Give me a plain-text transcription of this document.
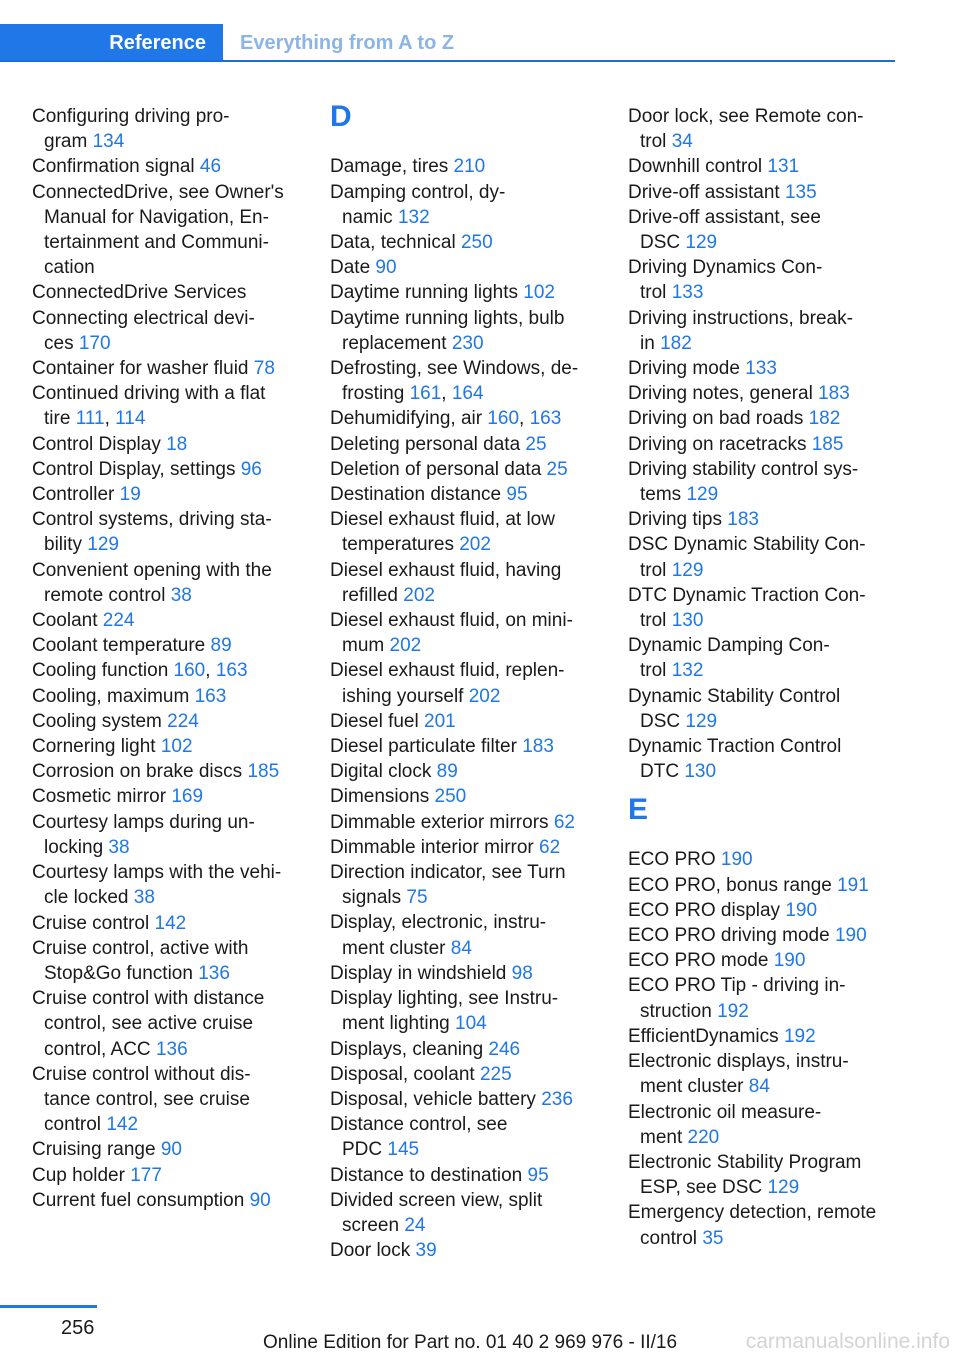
Reference	Everything from A to Z
Configuring driving pro-
gram 134
Confirmation signal 46
ConnectedDrive, see Owner's
Manual for Navigation, En-
tertainment and Communi-
cation
ConnectedDrive Services
Connecting electrical devi-
ces 170
Container for washer fluid 78
Continued driving with a flat
tire 111, 114
Control Display 18
Control Display, settings 96
Controller 19
Control systems, driving sta-
bility 129
Convenient opening with the
remote control 38
Coolant 224
Coolant temperature 89
Cooling function 160, 163
Cooling, maximum 163
Cooling system 224
Cornering light 102
Corrosion on brake discs 185
Cosmetic mirror 169
Courtesy lamps during un-
locking 38
Courtesy lamps with the vehi-
cle locked 38
Cruise control 142
Cruise control, active with
Stop&Go function 136
Cruise control with distance
control, see active cruise
control, ACC 136
Cruise control without dis-
tance control, see cruise
control 142
Cruising range 90
Cup holder 177
Current fuel consumption 90
D
Damage, tires 210
Damping control, dy-
namic 132
Data, technical 250
Date 90
Daytime running lights 102
Daytime running lights, bulb
replacement 230
Defrosting, see Windows, de-
frosting 161, 164
Dehumidifying, air 160, 163
Deleting personal data 25
Deletion of personal data 25
Destination distance 95
Diesel exhaust fluid, at low
temperatures 202
Diesel exhaust fluid, having
refilled 202
Diesel exhaust fluid, on mini-
mum 202
Diesel exhaust fluid, replen-
ishing yourself 202
Diesel fuel 201
Diesel particulate filter 183
Digital clock 89
Dimensions 250
Dimmable exterior mirrors 62
Dimmable interior mirror 62
Direction indicator, see Turn
signals 75
Display, electronic, instru-
ment cluster 84
Display in windshield 98
Display lighting, see Instru-
ment lighting 104
Displays, cleaning 246
Disposal, coolant 225
Disposal, vehicle battery 236
Distance control, see
PDC 145
Distance to destination 95
Divided screen view, split
screen 24
Door lock 39
Door lock, see Remote con-
trol 34
Downhill control 131
Drive-off assistant 135
Drive-off assistant, see
DSC 129
Driving Dynamics Con-
trol 133
Driving instructions, break-
in 182
Driving mode 133
Driving notes, general 183
Driving on bad roads 182
Driving on racetracks 185
Driving stability control sys-
tems 129
Driving tips 183
DSC Dynamic Stability Con-
trol 129
DTC Dynamic Traction Con-
trol 130
Dynamic Damping Con-
trol 132
Dynamic Stability Control
DSC 129
Dynamic Traction Control
DTC 130
E
ECO PRO 190
ECO PRO, bonus range 191
ECO PRO display 190
ECO PRO driving mode 190
ECO PRO mode 190
ECO PRO Tip - driving in-
struction 192
EfficientDynamics 192
Electronic displays, instru-
ment cluster 84
Electronic oil measure-
ment 220
Electronic Stability Program
ESP, see DSC 129
Emergency detection, remote
control 35
256
Online Edition for Part no. 01 40 2 969 976 - II/16	carmanualsonline.info
